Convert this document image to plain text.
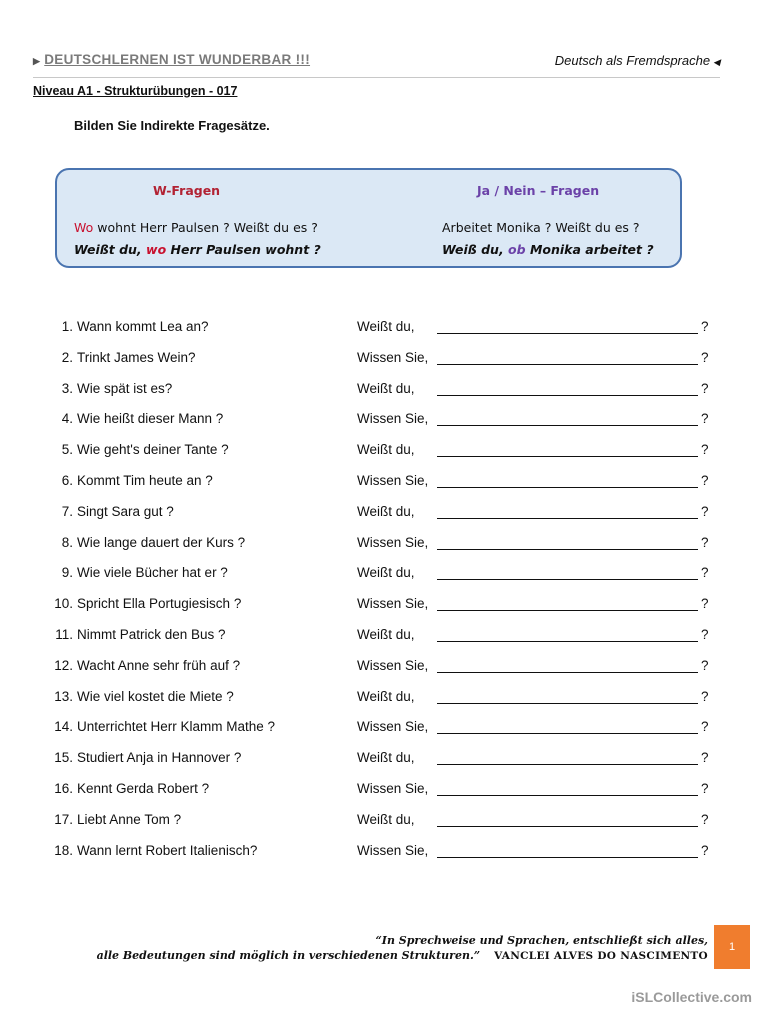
▶ DEUTSCHLERNEN IST WUNDERBAR !!!	Deutsch als Fremdsprache ◀
Niveau A1 - Strukturübungen - 017
Bilden Sie Indirekte Fragesätze.
W-Fragen	Ja / Nein – Fragen
Wo wohnt Herr Paulsen ? Weißt du es ?
Weißt du, wo Herr Paulsen wohnt ?
Arbeitet Monika ? Weißt du es ?
Weiß du, ob Monika arbeitet ?
1. Wann kommt Lea an?	Weißt du,	?
2. Trinkt James Wein?	Wissen Sie,	?
3. Wie spät ist es?	Weißt du,	?
4. Wie heißt dieser Mann ?	Wissen Sie,	?
5. Wie geht's deiner Tante ?	Weißt du,	?
6. Kommt Tim heute an ?	Wissen Sie,	?
7. Singt Sara gut ?	Weißt du,	?
8. Wie lange dauert der Kurs ?	Wissen Sie,	?
9. Wie viele Bücher hat er ?	Weißt du,	?
10. Spricht Ella Portugiesisch ?	Wissen Sie,	?
11. Nimmt Patrick den Bus ?	Weißt du,	?
12. Wacht Anne sehr früh auf ?	Wissen Sie,	?
13. Wie viel kostet die Miete ?	Weißt du,	?
14. Unterrichtet Herr Klamm Mathe ?	Wissen Sie,	?
15. Studiert Anja in Hannover ?	Weißt du,	?
16. Kennt Gerda Robert ?	Wissen Sie,	?
17. Liebt Anne Tom ?	Weißt du,	?
18. Wann lernt Robert Italienisch?	Wissen Sie,	?
“In Sprechweise und Sprachen, entschließt sich alles,
alle Bedeutungen sind möglich in verschiedenen Strukturen.” VANCLEI ALVES DO NASCIMENTO
1
iSLCollective.com
